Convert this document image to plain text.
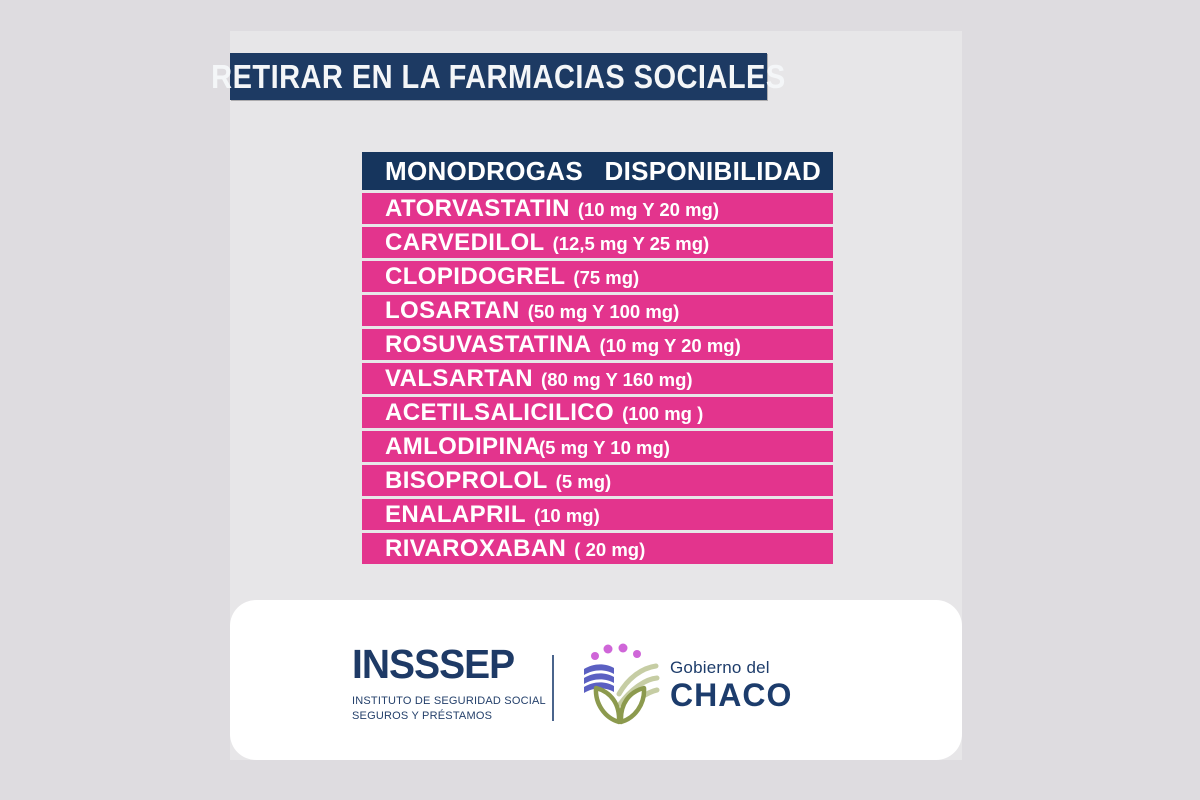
RETIRAR EN LA FARMACIAS SOCIALES
MONODROGAS DISPONIBILIDAD
ATORVASTATIN (10 mg Y 20 mg)
CARVEDILOL (12,5 mg Y 25 mg)
CLOPIDOGREL (75 mg)
LOSARTAN (50 mg Y 100 mg)
ROSUVASTATINA (10 mg Y 20 mg)
VALSARTAN (80 mg Y 160 mg)
ACETILSALICILICO (100 mg )
AMLODIPINA
(5 mg Y 10 mg)
BISOPROLOL (5 mg)
ENALAPRIL (10 mg)
RIVAROXABAN ( 20 mg)
INSSSEP
INSTITUTO DE SEGURIDAD SOCIAL
SEGUROS Y PRÉSTAMOS
Gobierno del
CHACO
